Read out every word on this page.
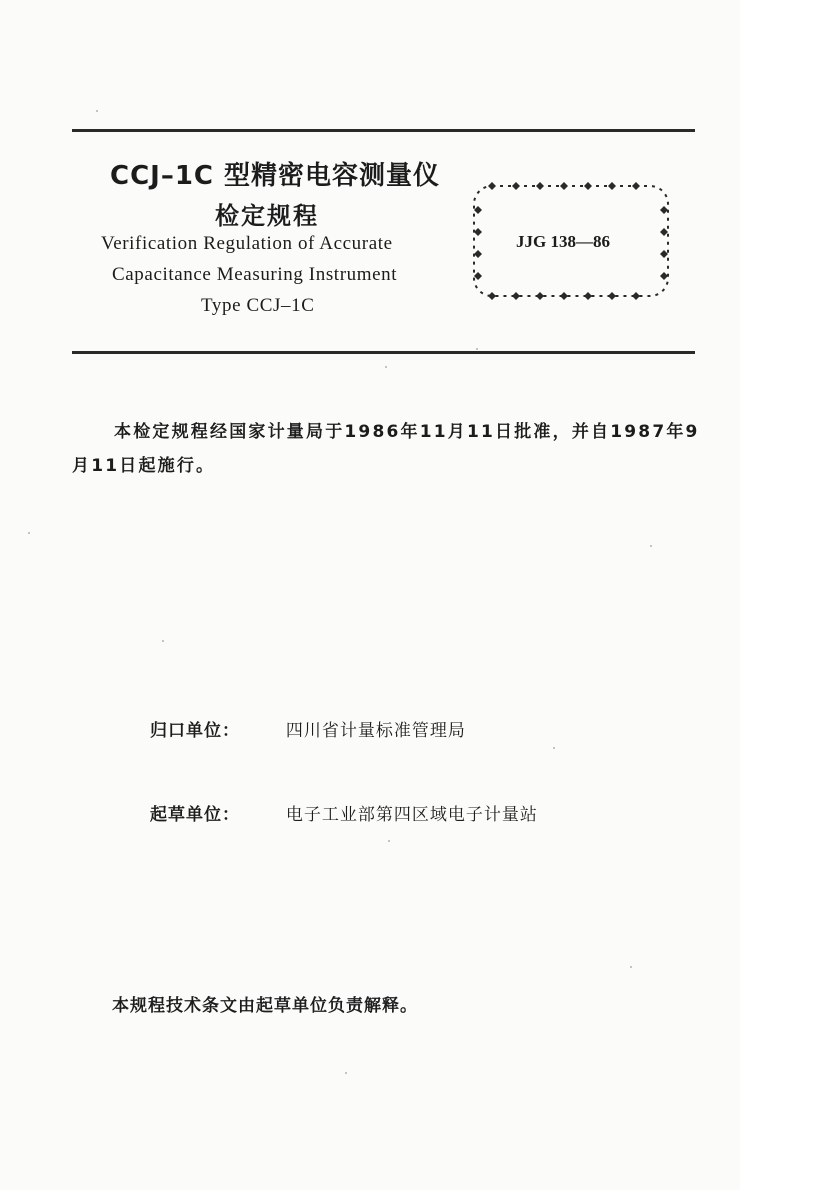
CCJ–1C 型精密电容测量仪
检定规程
Verification Regulation of Accurate
Capacitance Measuring Instrument
Type CCJ–1C
JJG 138—86
本检定规程经国家计量局于1986年11月11日批准，并自1987年9月11日起施行。
归口单位：	四川省计量标准管理局
起草单位：	电子工业部第四区域电子计量站
本规程技术条文由起草单位负责解释。
